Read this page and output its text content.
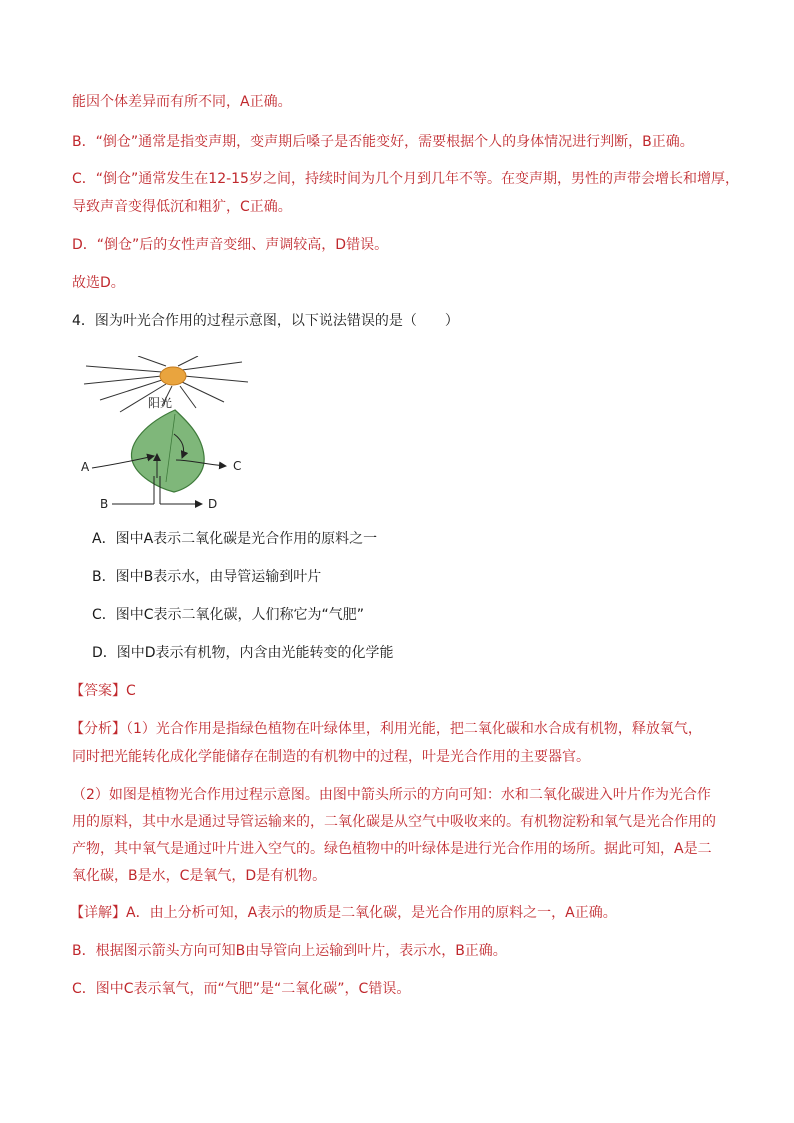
能因个体差异而有所不同，A正确。
B．“倒仓”通常是指变声期，变声期后嗓子是否能变好，需要根据个人的身体情况进行判断，B正确。
C．“倒仓”通常发生在12-15岁之间，持续时间为几个月到几年不等。在变声期，男性的声带会增长和增厚，
导致声音变得低沉和粗犷，C正确。
D．“倒仓”后的女性声音变细、声调较高，D错误。
故选D。
4．图为叶光合作用的过程示意图，以下说法错误的是（　　）
阳光
A	C
B	D
A．图中A表示二氧化碳是光合作用的原料之一
B．图中B表示水，由导管运输到叶片
C．图中C表示二氧化碳，人们称它为“气肥”
D．图中D表示有机物，内含由光能转变的化学能
【答案】C
【分析】（1）光合作用是指绿色植物在叶绿体里，利用光能，把二氧化碳和水合成有机物，释放氧气，
同时把光能转化成化学能储存在制造的有机物中的过程，叶是光合作用的主要器官。
（2）如图是植物光合作用过程示意图。由图中箭头所示的方向可知：水和二氧化碳进入叶片作为光合作
用的原料，其中水是通过导管运输来的，二氧化碳是从空气中吸收来的。有机物淀粉和氧气是光合作用的
产物，其中氧气是通过叶片进入空气的。绿色植物中的叶绿体是进行光合作用的场所。据此可知，A是二
氧化碳，B是水，C是氧气，D是有机物。
【详解】A．由上分析可知，A表示的物质是二氧化碳，是光合作用的原料之一，A正确。
B．根据图示箭头方向可知B由导管向上运输到叶片，表示水，B正确。
C．图中C表示氧气，而“气肥”是“二氧化碳”，C错误。
